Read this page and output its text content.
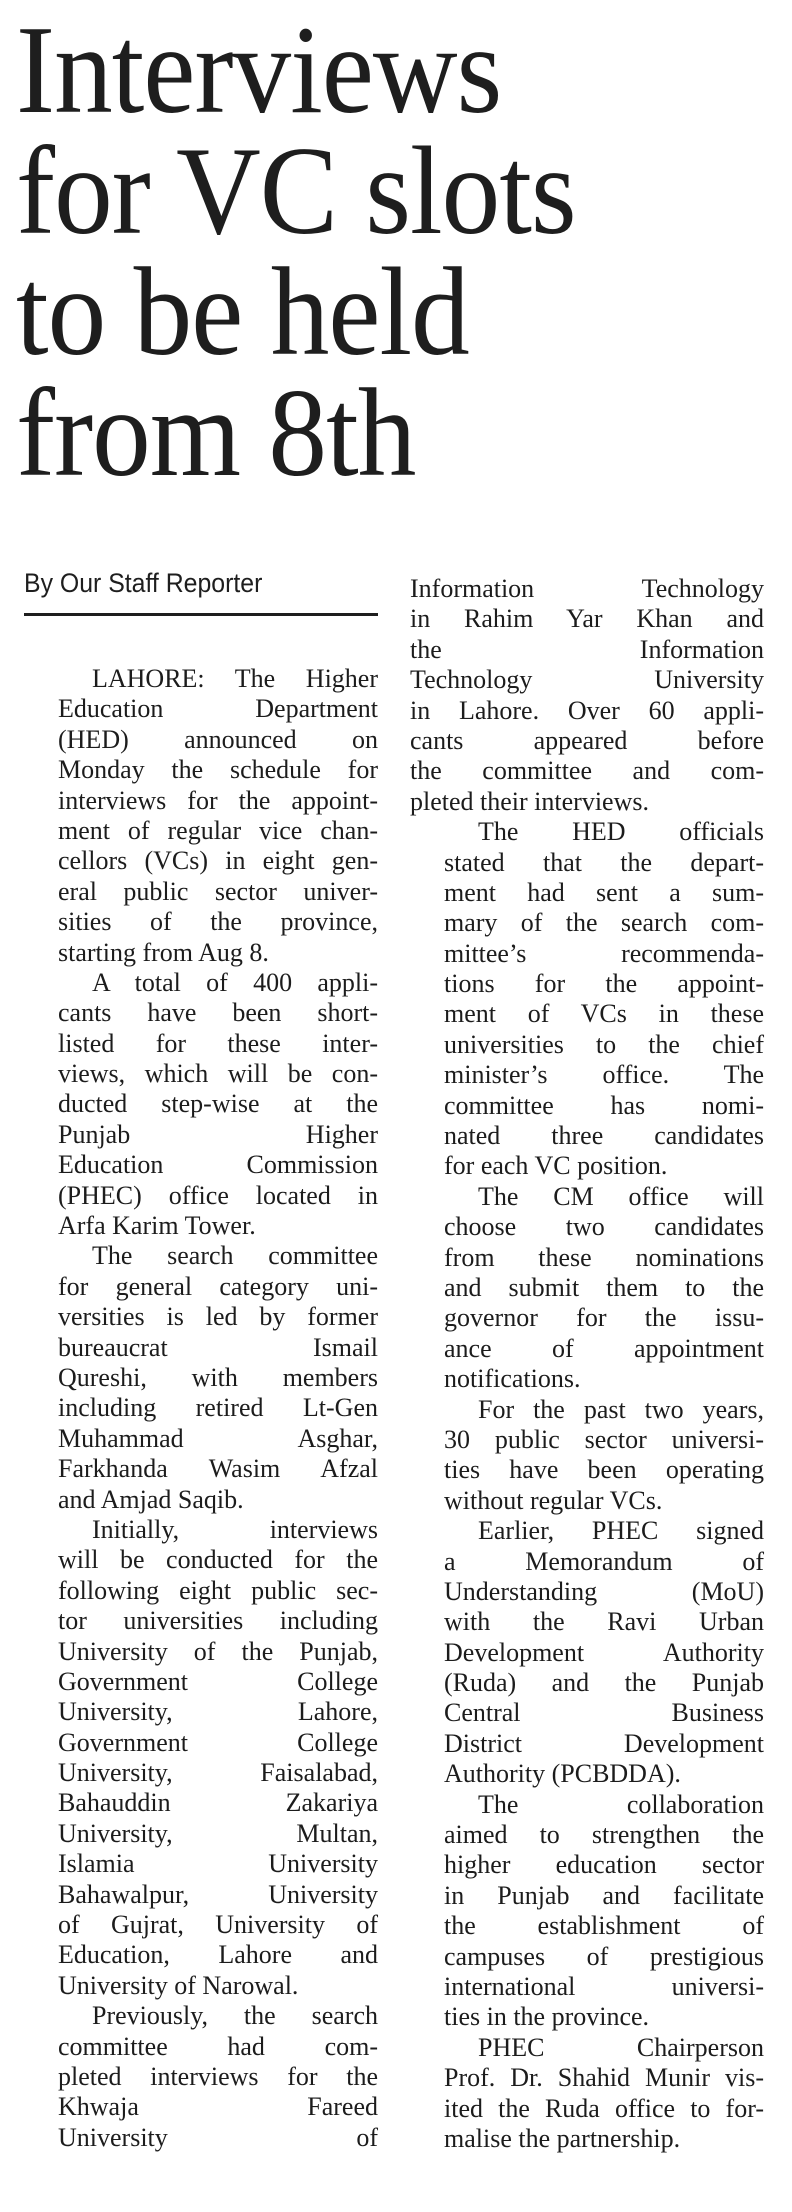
Interviews
for VC slots
to be held
from 8th
By Our Staff Reporter

LAHORE: The Higher
Education Department
(HED) announced on
Monday the schedule for
interviews for the appoint-
ment of regular vice chan-
cellors (VCs) in eight gen-
eral public sector univer-
sities of the province,
starting from Aug 8.

A total of 400 appli-
cants have been short-
listed for these inter-
views, which will be con-
ducted step-wise at the
Punjab Higher
Education Commission
(PHEC) office located in
Arfa Karim Tower.

The search committee
for general category uni-
versities is led by former
bureaucrat Ismail
Qureshi, with members
including retired Lt-Gen
Muhammad Asghar,
Farkhanda Wasim Afzal
and Amjad Saqib.

Initially, interviews
will be conducted for the
following eight public sec-
tor universities including
University of the Punjab,
Government College
University, Lahore,
Government College
University, Faisalabad,
Bahauddin Zakariya
University, Multan,
Islamia University
Bahawalpur, University
of Gujrat, University of
Education, Lahore and
University of Narowal.

Previously, the search
committee had com-
pleted interviews for the
Khwaja Fareed
University of

Information Technology
in Rahim Yar Khan and
the Information
Technology University
in Lahore. Over 60 appli-
cants appeared before
the committee and com-
pleted their interviews.

The HED officials
stated that the depart-
ment had sent a sum-
mary of the search com-
mittee’s recommenda-
tions for the appoint-
ment of VCs in these
universities to the chief
minister’s office. The
committee has nomi-
nated three candidates
for each VC position.

The CM office will
choose two candidates
from these nominations
and submit them to the
governor for the issu-
ance of appointment
notifications.

For the past two years,
30 public sector universi-
ties have been operating
without regular VCs.

Earlier, PHEC signed
a Memorandum of
Understanding (MoU)
with the Ravi Urban
Development Authority
(Ruda) and the Punjab
Central Business
District Development
Authority (PCBDDA).

The collaboration
aimed to strengthen the
higher education sector
in Punjab and facilitate
the establishment of
campuses of prestigious
international universi-
ties in the province.

PHEC Chairperson
Prof. Dr. Shahid Munir vis-
ited the Ruda office to for-
malise the partnership.
